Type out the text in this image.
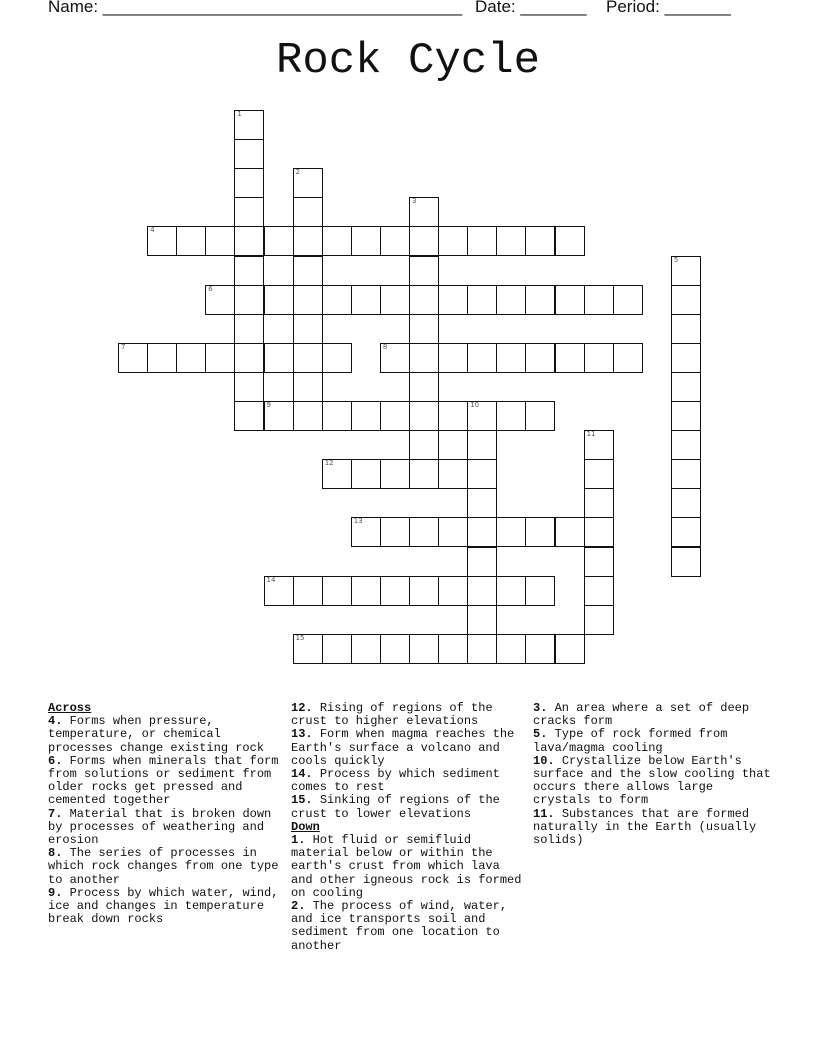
Name: ______________________________________ Date: _______ Period: _______
Rock Cycle
1
2
3
4
5
6
7	8
9	10
11
12
13
14
15
Across
4. Forms when pressure, temperature, or chemical processes change existing rock
6. Forms when minerals that form from solutions or sediment from older rocks get pressed and cemented together
7. Material that is broken down by processes of weathering and erosion
8. The series of processes in which rock changes from one type to another
9. Process by which water, wind, ice and changes in temperature break down rocks
12. Rising of regions of the crust to higher elevations
13. Form when magma reaches the Earth's surface a volcano and cools quickly
14. Process by which sediment comes to rest
15. Sinking of regions of the crust to lower elevations
Down
1. Hot fluid or semifluid material below or within the earth's crust from which lava and other igneous rock is formed on cooling
2. The process of wind, water, and ice transports soil and sediment from one location to another
3. An area where a set of deep cracks form
5. Type of rock formed from lava/magma cooling
10. Crystallize below Earth's surface and the slow cooling that occurs there allows large crystals to form
11. Substances that are formed naturally in the Earth (usually solids)
